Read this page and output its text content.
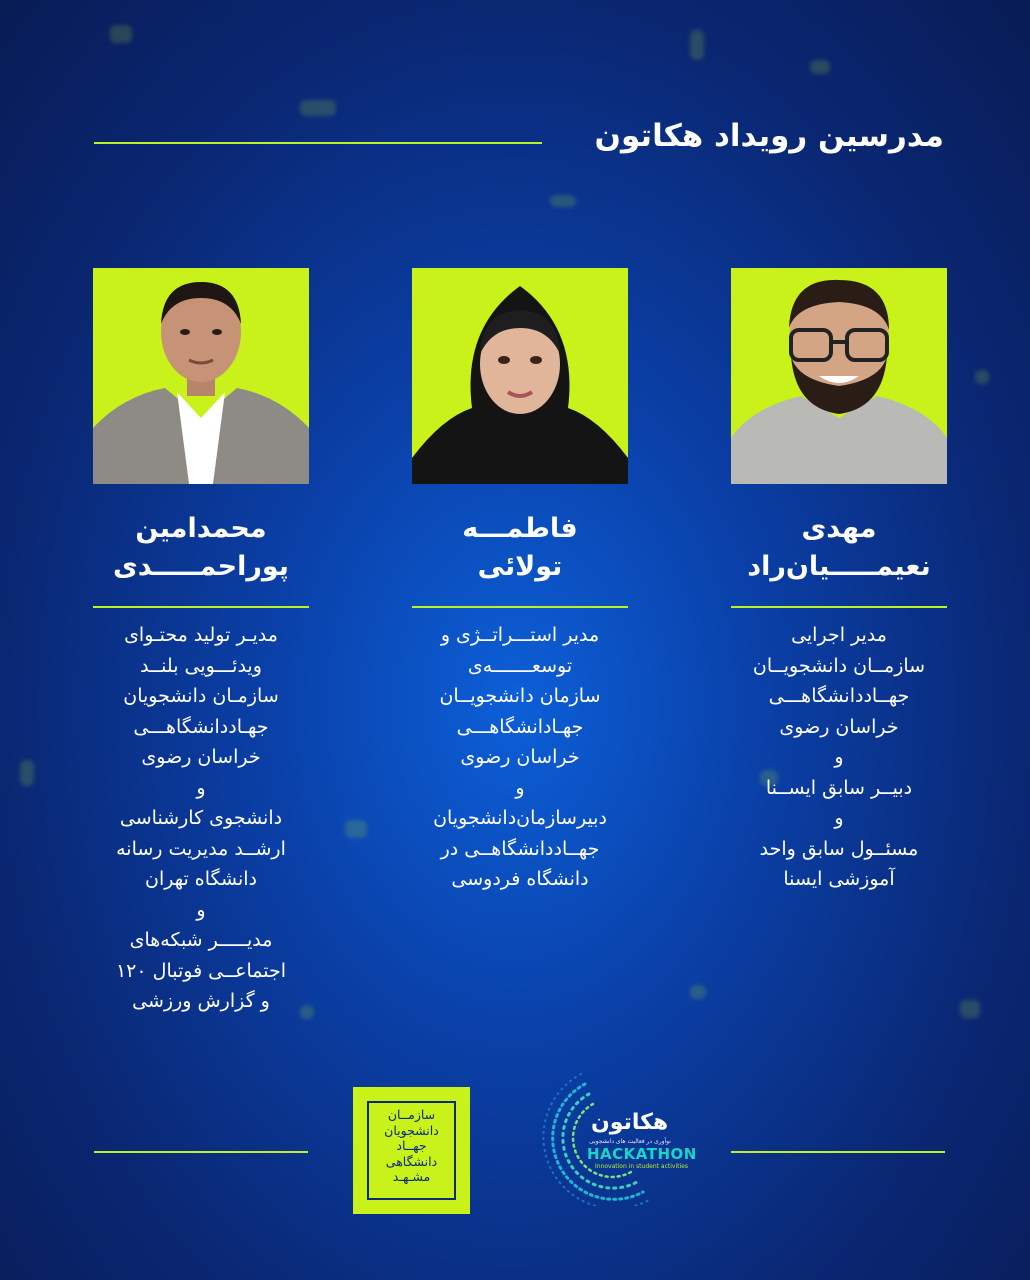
مدرسین رویداد هکاتون
مهدی
نعیمـــــیان‌راد
مدیر اجرایی
سازمــان دانشجویــان
جهــاددانشگاهـــی
خراسان رضوی
و
دبیــر سابق ایســنا
و
مسئــول سابق واحد
آموزشی ایسنا
فاطمـــه
تولائی
مدیر استـــراتــژی و
توسعـــــــه‌ی
سازمان دانشجویــان
جهـادانشگاهـــی
خراسان رضوی
و
دبیرسازمان‌دانشجویان
جهــاددانشگاهــی در
دانشگاه فردوسی
محمدامین
پوراحمـــــدی
مدیـر تولید محتـوای
ویدئـــویی بلنــد
سازمـان دانشجویان
جهـاددانشگاهـــی
خراسان رضوی
و
دانشجوی کارشناسی
ارشــد مدیریت رسانه
دانشگاه تهران
و
مدیـــــر شبکه‌های
اجتماعــی فوتبال ۱۲۰
و گزارش ورزشی
سازمــان
دانشجویان
جهــاد
دانشگاهی
مشـهـد
هکاتون
نوآوری در فعالیت های دانشجویی
HACKATHON
Innovation in student activities
